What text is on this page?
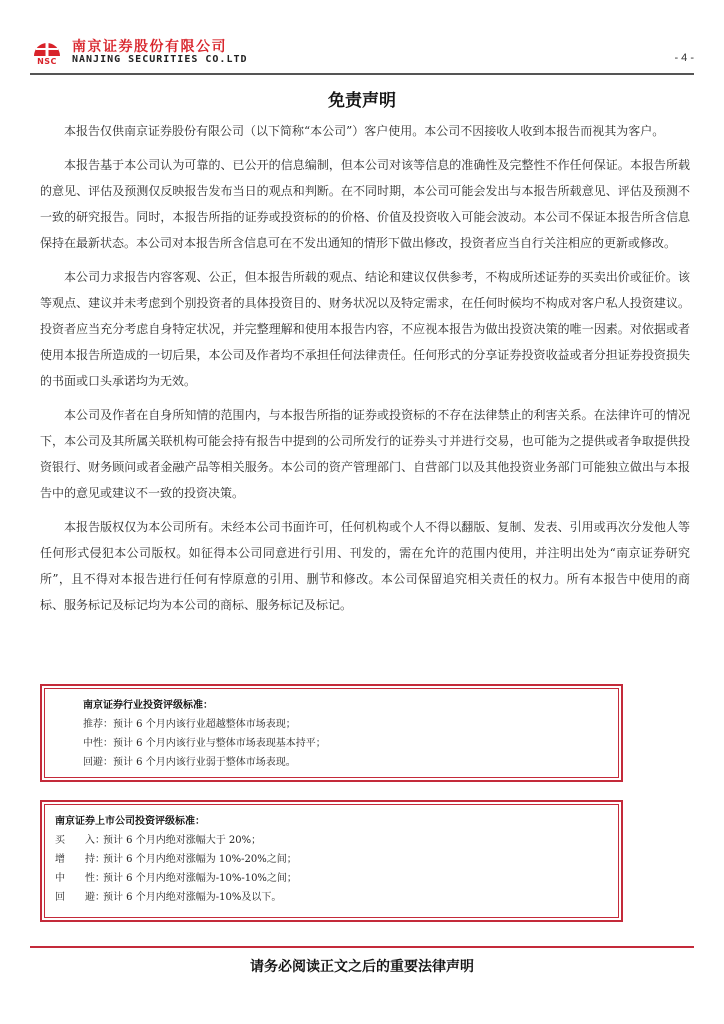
NSC
南京证券股份有限公司
NANJING SECURITIES CO.LTD	- 4 -
免责声明

本报告仅供南京证券股份有限公司（以下简称“本公司”）客户使用。本公司不因接收人收到本报告而视其为客户。

本报告基于本公司认为可靠的、已公开的信息编制，但本公司对该等信息的准确性及完整性不作任何保证。本报告所载的意见、评估及预测仅反映报告发布当日的观点和判断。在不同时期，本公司可能会发出与本报告所载意见、评估及预测不一致的研究报告。同时，本报告所指的证券或投资标的的价格、价值及投资收入可能会波动。本公司不保证本报告所含信息保持在最新状态。本公司对本报告所含信息可在不发出通知的情形下做出修改，投资者应当自行关注相应的更新或修改。

本公司力求报告内容客观、公正，但本报告所载的观点、结论和建议仅供参考，不构成所述证券的买卖出价或征价。该等观点、建议并未考虑到个别投资者的具体投资目的、财务状况以及特定需求，在任何时候均不构成对客户私人投资建议。投资者应当充分考虑自身特定状况，并完整理解和使用本报告内容，不应视本报告为做出投资决策的唯一因素。对依据或者使用本报告所造成的一切后果，本公司及作者均不承担任何法律责任。任何形式的分享证券投资收益或者分担证券投资损失的书面或口头承诺均为无效。

本公司及作者在自身所知情的范围内，与本报告所指的证券或投资标的不存在法律禁止的利害关系。在法律许可的情况下，本公司及其所属关联机构可能会持有报告中提到的公司所发行的证券头寸并进行交易，也可能为之提供或者争取提供投资银行、财务顾问或者金融产品等相关服务。本公司的资产管理部门、自营部门以及其他投资业务部门可能独立做出与本报告中的意见或建议不一致的投资决策。

本报告版权仅为本公司所有。未经本公司书面许可，任何机构或个人不得以翻版、复制、发表、引用或再次分发他人等任何形式侵犯本公司版权。如征得本公司同意进行引用、刊发的，需在允许的范围内使用，并注明出处为“南京证券研究所”，且不得对本报告进行任何有悖原意的引用、删节和修改。本公司保留追究相关责任的权力。所有本报告中使用的商标、服务标记及标记均为本公司的商标、服务标记及标记。

南京证券行业投资评级标准：
推荐：预计 6 个月内该行业超越整体市场表现；
中性：预计 6 个月内该行业与整体市场表现基本持平；
回避：预计 6 个月内该行业弱于整体市场表现。
南京证券上市公司投资评级标准：
买　　入：预计 6 个月内绝对涨幅大于 20%；
增　　持：预计 6 个月内绝对涨幅为 10%-20%之间；
中　　性：预计 6 个月内绝对涨幅为-10%-10%之间；
回　　避：预计 6 个月内绝对涨幅为-10%及以下。
请务必阅读正文之后的重要法律声明
